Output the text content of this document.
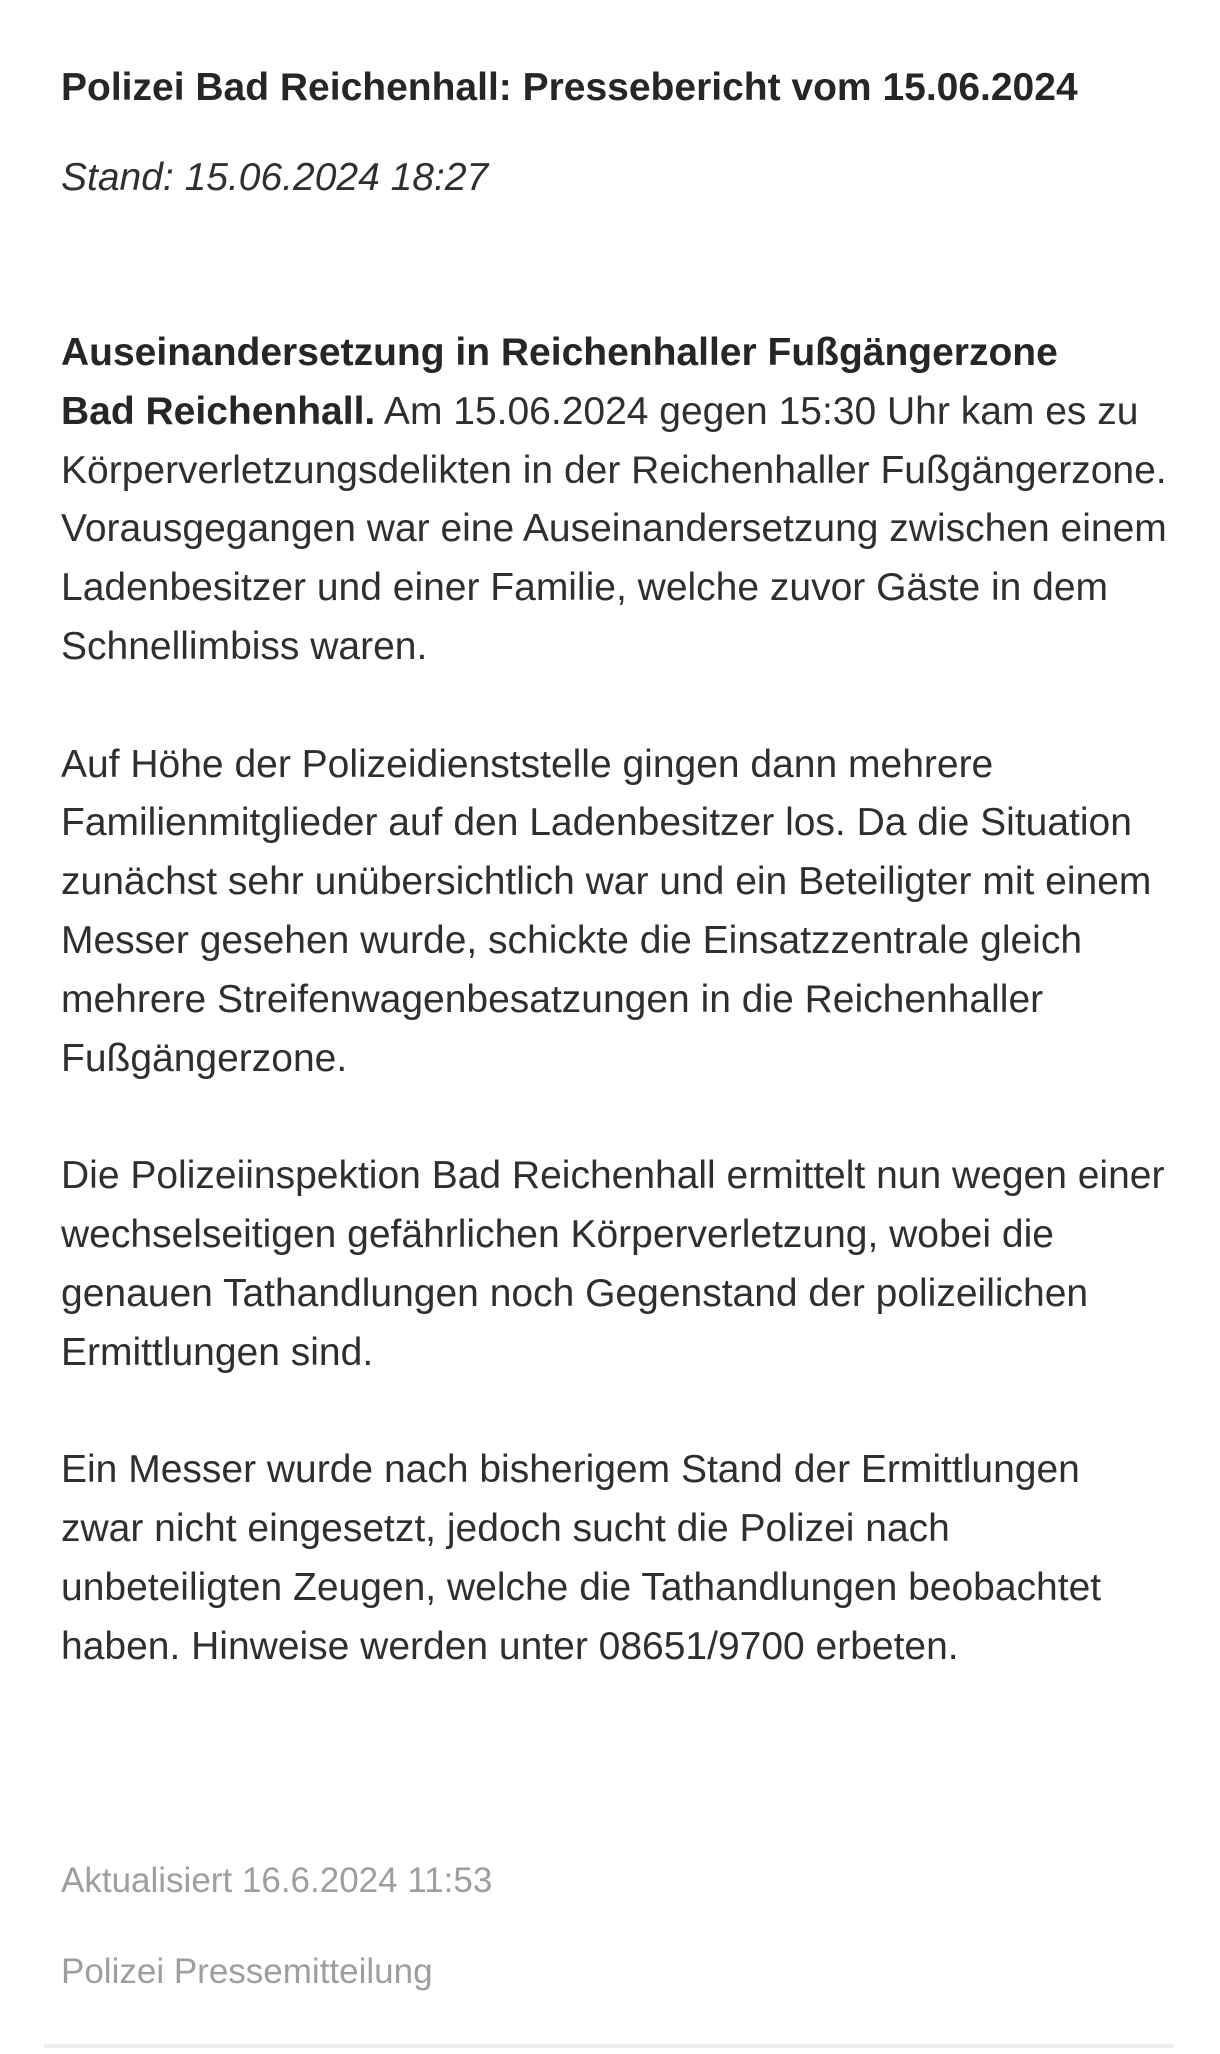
Polizei Bad Reichenhall: Pressebericht vom 15.06.2024
Stand: 15.06.2024 18:27

Auseinandersetzung in Reichenhaller Fußgängerzone
Bad Reichenhall. Am 15.06.2024 gegen 15:30 Uhr kam es zu Körperverletzungsdelikten in der Reichenhaller Fußgängerzone. Vorausgegangen war eine Auseinandersetzung zwischen einem Ladenbesitzer und einer Familie, welche zuvor Gäste in dem Schnellimbiss waren.

Auf Höhe der Polizeidienststelle gingen dann mehrere Familienmitglieder auf den Ladenbesitzer los. Da die Situation zunächst sehr unübersichtlich war und ein Beteiligter mit einem Messer gesehen wurde, schickte die Einsatzzentrale gleich mehrere Streifenwagenbesatzungen in die Reichenhaller Fußgängerzone.

Die Polizeiinspektion Bad Reichenhall ermittelt nun wegen einer wechselseitigen gefährlichen Körperverletzung, wobei die genauen Tathandlungen noch Gegenstand der polizeilichen Ermittlungen sind.

Ein Messer wurde nach bisherigem Stand der Ermittlungen zwar nicht eingesetzt, jedoch sucht die Polizei nach unbeteiligten Zeugen, welche die Tathandlungen beobachtet haben. Hinweise werden unter 08651/9700 erbeten.

Aktualisiert 16.6.2024 11:53
Polizei Pressemitteilung
